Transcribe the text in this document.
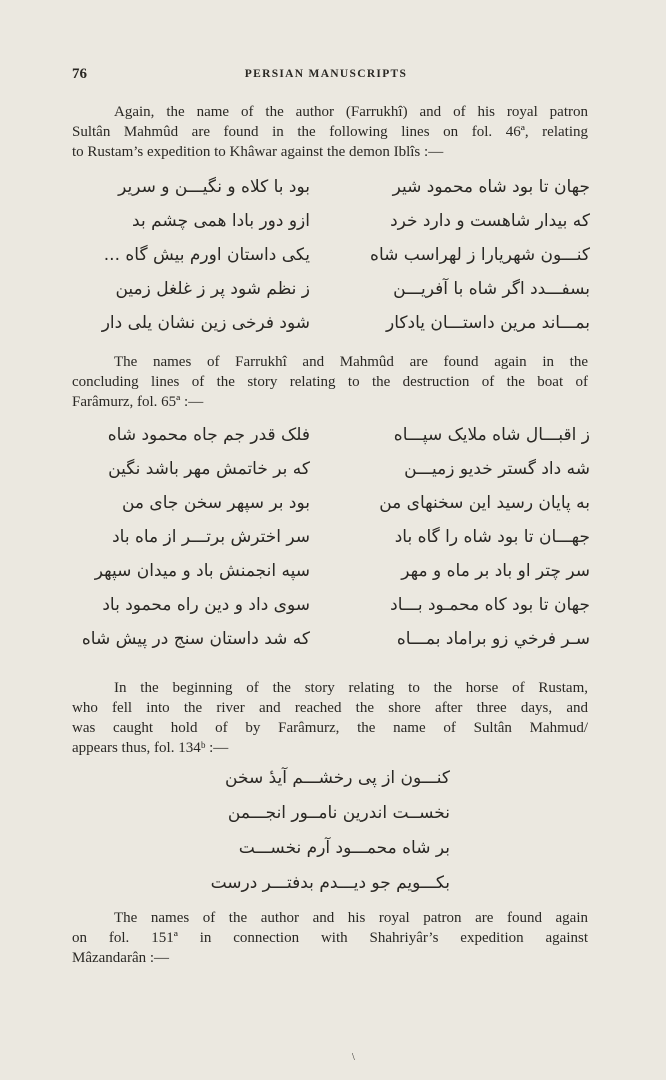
76	PERSIAN MANUSCRIPTS
Again, the name of the author (Farrukhî) and of his royal patron
Sultân Mahmûd are found in the following lines on fol. 46ª, relating
to Rustam’s expedition to Khâwar against the demon Iblîs :—
جهان تا بود شاه محمود شیر
بود با کلاه و نگیـــن و سریر
که بیدار شاهست و دارد خرد
ازو دور بادا همی چشم بد
کنـــون شهریارا ز لهراسب شاه
یکی داستان اورم بیش گاه ...
بسفـــدد اگر شاه با آفریـــن
ز نظم شود پر ز غلغل زمین
بمـــاند مرین داستـــان یادکار
شود فرخی زین نشان یلی دار
The names of Farrukhî and Mahmûd are found again in the
concluding lines of the story relating to the destruction of the boat of
Farâmurz, fol. 65ª :—
ز اقبـــال شاه ملایک سپـــاه
فلک قدر جم جاه محمود شاه
شه داد گستر خدیو زمیـــن
که بر خاتمش مهر باشد نگین
به پایان رسید این سخنهای من
بود بر سپهر سخن جای من
جهـــان تا بود شاه را گاه باد
سر اخترش برتـــر از ماه باد
سر چتر او باد بر ماه و مهر
سپه انجمنش باد و میدان سپهر
جهان تا بود کاه محمـود بـــاد
سوی داد و دین راه محمود باد
سـر فرخي زو براماد بمـــاه
که شد داستان سنج در پیش شاه
In the beginning of the story relating to the horse of Rustam,
who fell into the river and reached the shore after three days, and
was caught hold of by Farâmurz, the name of Sultân Mahmud/
appears thus, fol. 134ᵇ :—
کنـــون از پی رخشـــم آیدٔ سخن
نخســت اندرین نامــور انجـــمن
بر شاه محمـــود آرم نخســـت
بکـــویم جو دیـــدم بدفتـــر درست
The names of the author and his royal patron are found again
on fol. 151ª in connection with Shahriyâr’s expedition against
Mâzandarân :—
\
